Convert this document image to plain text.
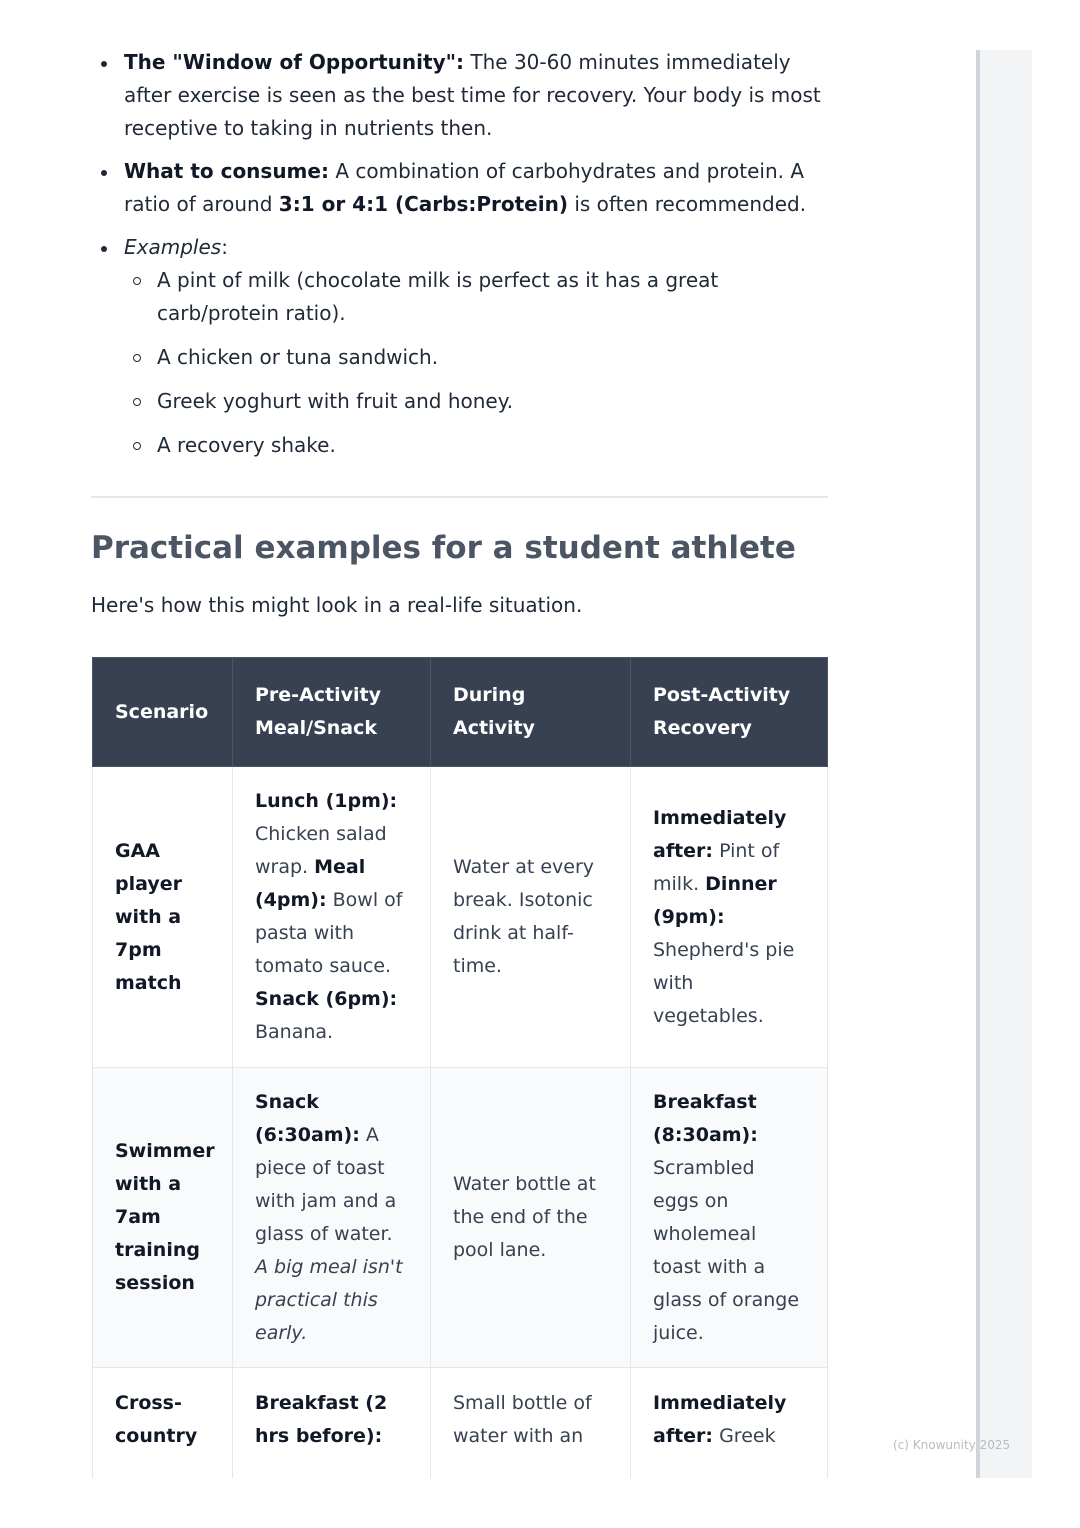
The "Window of Opportunity": The 30-60 minutes immediately after exercise is seen as the best time for recovery. Your body is most receptive to taking in nutrients then.
What to consume: A combination of carbohydrates and protein. A ratio of around 3:1 or 4:1 (Carbs:Protein) is often recommended.
Examples:
A pint of milk (chocolate milk is perfect as it has a great carb/protein ratio).
A chicken or tuna sandwich.
Greek yoghurt with fruit and honey.
A recovery shake.
Practical examples for a student athlete

Here's how this might look in a real-life situation.

Scenario	Pre-Activity Meal/Snack	During Activity	Post-Activity Recovery
GAA player with a 7pm match	Lunch (1pm): Chicken salad wrap. Meal (4pm): Bowl of pasta with tomato sauce. Snack (6pm): Banana.	Water at every break. Isotonic drink at half-time.	Immediately after: Pint of milk. Dinner (9pm): Shepherd's pie with vegetables.
Swimmer with a 7am training session	Snack (6:30am): A piece of toast with jam and a glass of water. A big meal isn't practical this early.	Water bottle at the end of the pool lane.	Breakfast (8:30am): Scrambled eggs on wholemeal toast with a glass of orange juice.
Cross-country	Breakfast (2 hrs before):	Small bottle of water with an	Immediately after: Greek	(c) Knowunity 2025
